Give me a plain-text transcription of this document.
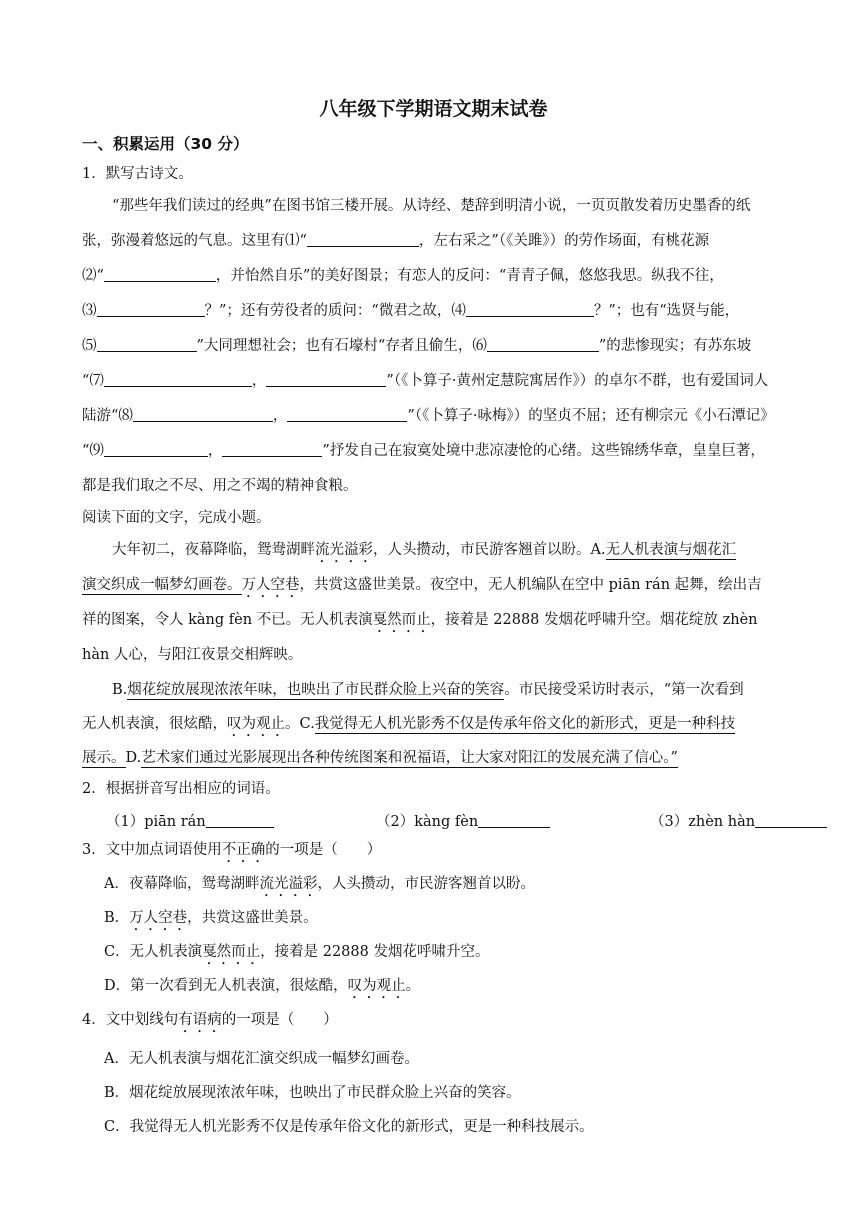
八年级下学期语文期末试卷
一、积累运用（30 分）
1．默写古诗文。
“那些年我们读过的经典”在图书馆三楼开展。从诗经、楚辞到明清小说，一页页散发着历史墨香的纸
张，弥漫着悠远的气息。这里有⑴“	，左右采之”（《关雎》）的劳作场面，有桃花源
⑵“	，并怡然自乐”的美好图景；有恋人的反问：“青青子佩，悠悠我思。纵我不往，
⑶	？”；还有劳役者的质问：“微君之故，⑷	？”；也有“选贤与能，
⑸	”大同理想社会；也有石壕村“存者且偷生，⑹	”的悲惨现实；有苏东坡
“⑺	，	”（《卜算子·黄州定慧院寓居作》）的卓尔不群，也有爱国词人
陆游“⑻	，	”（《卜算子·咏梅》）的坚贞不屈；还有柳宗元《小石潭记》
“⑼	，	”抒发自己在寂寞处境中悲凉凄怆的心绪。这些锦绣华章，皇皇巨著，
都是我们取之不尽、用之不竭的精神食粮。
阅读下面的文字，完成小题。
大年初二，夜幕降临，鸳鸯湖畔流光溢彩，人头攒动，市民游客翘首以盼。A.无人机表演与烟花汇
演交织成一幅梦幻画卷。万人空巷，共赏这盛世美景。夜空中，无人机编队在空中 piān rán 起舞，绘出吉
祥的图案，令人 kàng fèn 不已。无人机表演戛然而止，接着是 22888 发烟花呼啸升空。烟花绽放 zhèn
hàn 人心，与阳江夜景交相辉映。
B.烟花绽放展现浓浓年味，也映出了市民群众脸上兴奋的笑容。市民接受采访时表示，“第一次看到
无人机表演，很炫酷，叹为观止。C.我觉得无人机光影秀不仅是传承年俗文化的新形式，更是一种科技
展示。D.艺术家们通过光影展现出各种传统图案和祝福语，让大家对阳江的发展充满了信心。”
2．根据拼音写出相应的词语。
（1）piān rán	（2）kàng fèn	（3）zhèn hàn
3．文中加点词语使用不正确的一项是（　　）
A．夜幕降临，鸳鸯湖畔流光溢彩，人头攒动，市民游客翘首以盼。
B．万人空巷，共赏这盛世美景。
C．无人机表演戛然而止，接着是 22888 发烟花呼啸升空。
D．第一次看到无人机表演，很炫酷，叹为观止。
4．文中划线句有语病的一项是（　　）
A．无人机表演与烟花汇演交织成一幅梦幻画卷。
B．烟花绽放展现浓浓年味，也映出了市民群众脸上兴奋的笑容。
C．我觉得无人机光影秀不仅是传承年俗文化的新形式，更是一种科技展示。
